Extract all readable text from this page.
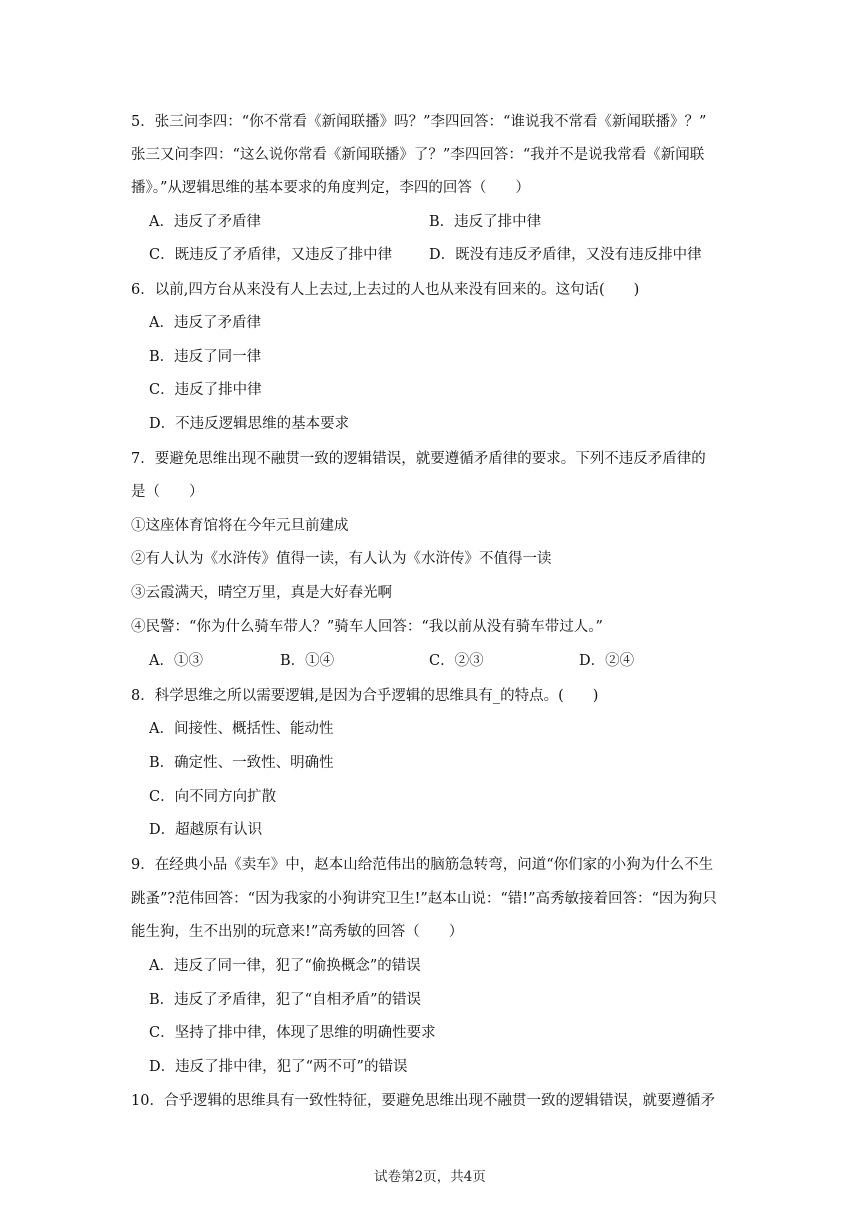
5．张三问李四：“你不常看《新闻联播》吗？”李四回答：“谁说我不常看《新闻联播》？”
张三又问李四：“这么说你常看《新闻联播》了？”李四回答：“我并不是说我常看《新闻联
播》。”从逻辑思维的基本要求的角度判定，李四的回答（　　）
A．违反了矛盾律	B．违反了排中律
C．既违反了矛盾律，又违反了排中律	D．既没有违反矛盾律，又没有违反排中律
6．以前,四方台从来没有人上去过,上去过的人也从来没有回来的。这句话(　　)
A．违反了矛盾律
B．违反了同一律
C．违反了排中律
D．不违反逻辑思维的基本要求
7．要避免思维出现不融贯一致的逻辑错误，就要遵循矛盾律的要求。下列不违反矛盾律的
是（　　）
①这座体育馆将在今年元旦前建成
②有人认为《水浒传》值得一读，有人认为《水浒传》不值得一读
③云霞满天，晴空万里，真是大好春光啊
④民警：“你为什么骑车带人？”骑车人回答：“我以前从没有骑车带过人。”
A．①③	B．①④	C．②③	D．②④
8．科学思维之所以需要逻辑,是因为合乎逻辑的思维具有_的特点。(　　)
A．间接性、概括性、能动性
B．确定性、一致性、明确性
C．向不同方向扩散
D．超越原有认识
9．在经典小品《卖车》中，赵本山给范伟出的脑筋急转弯，问道“你们家的小狗为什么不生
跳蚤”?范伟回答：“因为我家的小狗讲究卫生!”赵本山说：“错!”高秀敏接着回答：“因为狗只
能生狗，生不出别的玩意来!”高秀敏的回答（　　）
A．违反了同一律，犯了“偷换概念”的错误
B．违反了矛盾律，犯了“自相矛盾”的错误
C．坚持了排中律，体现了思维的明确性要求
D．违反了排中律，犯了“两不可”的错误
10．合乎逻辑的思维具有一致性特征，要避免思维出现不融贯一致的逻辑错误，就要遵循矛
试卷第2页，共4页
